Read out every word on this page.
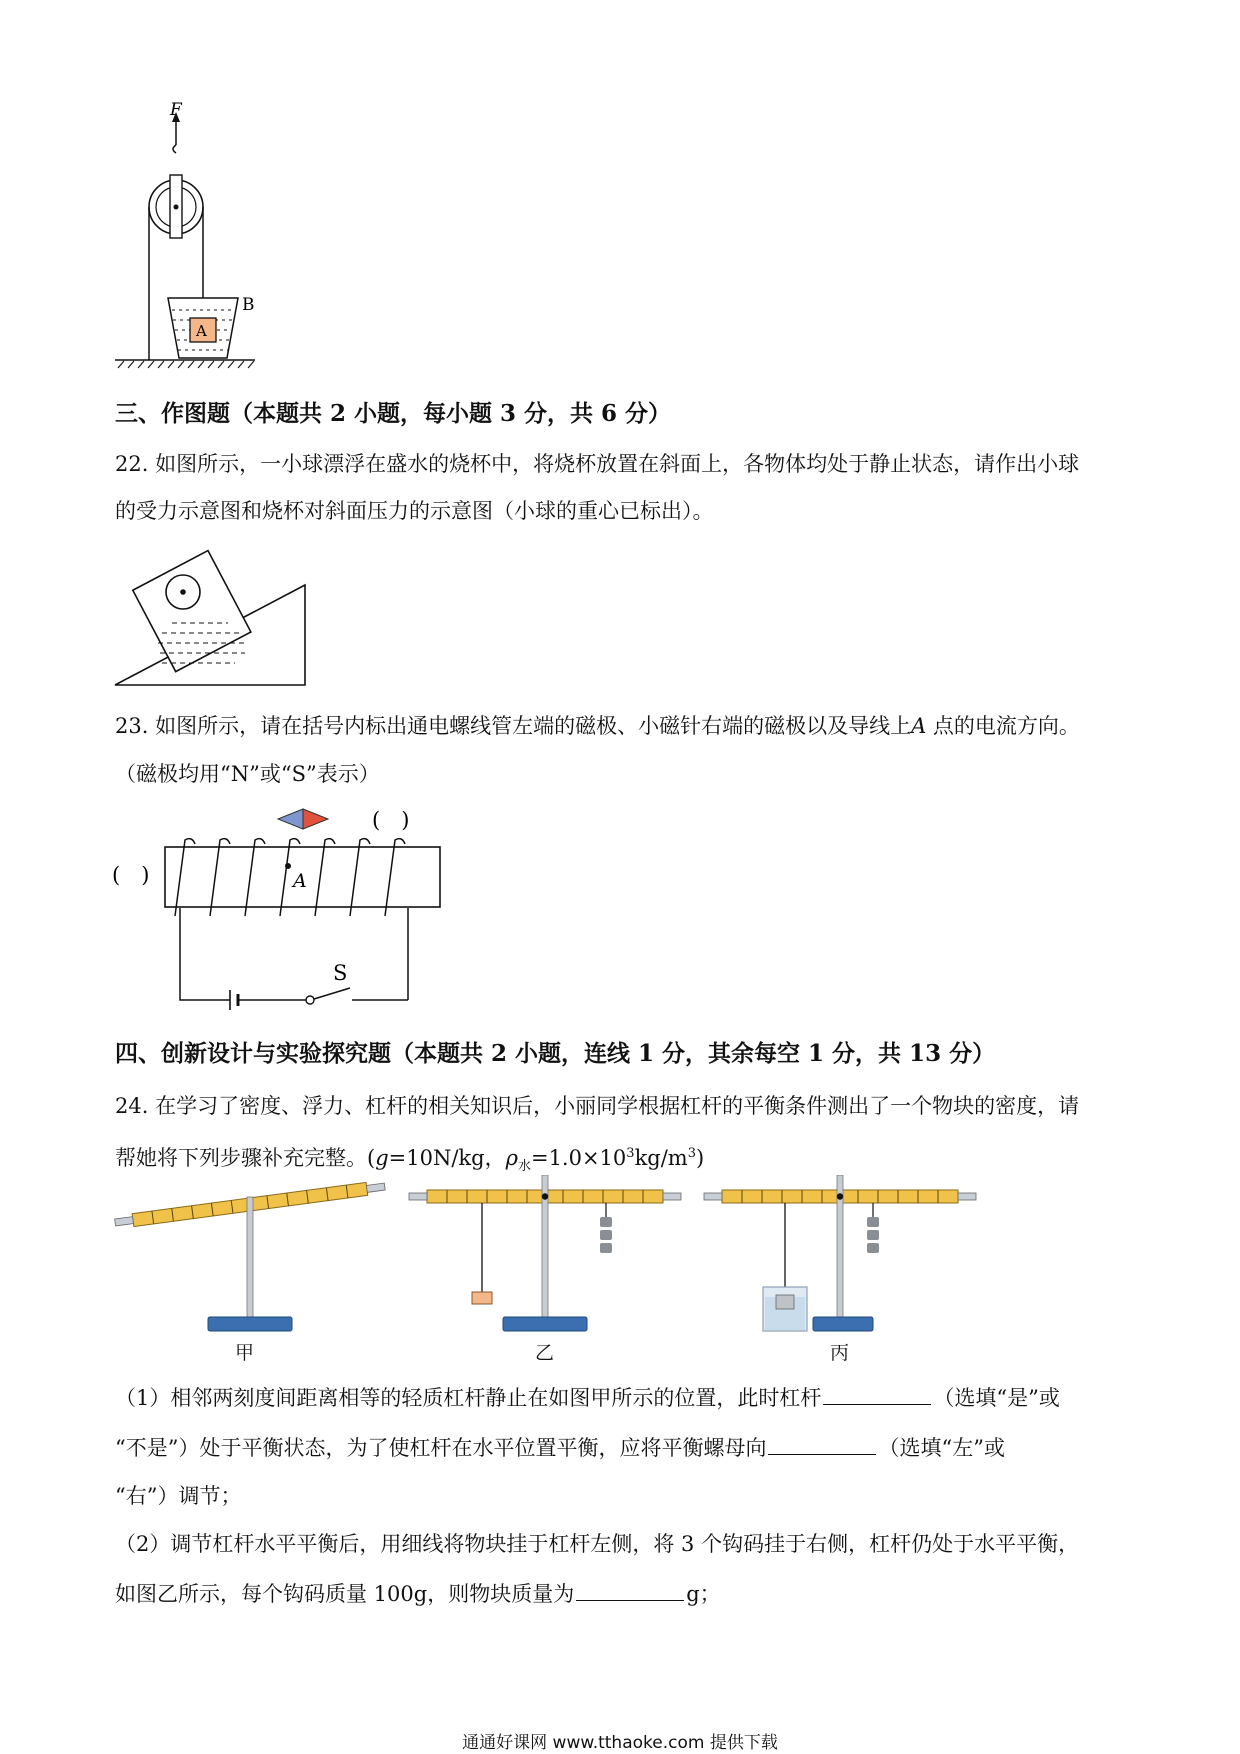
F
A
B
三、作图题（本题共 2 小题，每小题 3 分，共 6 分）
22. 如图所示，一小球漂浮在盛水的烧杯中，将烧杯放置在斜面上，各物体均处于静止状态，请作出小球
的受力示意图和烧杯对斜面压力的示意图（小球的重心已标出）。
23. 如图所示，请在括号内标出通电螺线管左端的磁极、小磁针右端的磁极以及导线上A 点的电流方向。
（磁极均用“N”或“S”表示）
(　)
(　)	A
S
四、创新设计与实验探究题（本题共 2 小题，连线 1 分，其余每空 1 分，共 13 分）
24. 在学习了密度、浮力、杠杆的相关知识后，小丽同学根据杠杆的平衡条件测出了一个物块的密度，请
帮她将下列步骤补充完整。(g=10N/kg，$\rho_水=1.0\times 10^3kg/m^3$)
甲	乙	丙
（1）相邻两刻度间距离相等的轻质杠杆静止在如图甲所示的位置，此时杠杆	（选填“是”或
“不是”）处于平衡状态，为了使杠杆在水平位置平衡，应将平衡螺母向	（选填“左”或
“右”）调节；
（2）调节杠杆水平平衡后，用细线将物块挂于杠杆左侧，将 3 个钩码挂于右侧，杠杆仍处于水平平衡，
如图乙所示，每个钩码质量 100g，则物块质量为	g；
通通好课网 www.tthaoke.com 提供下载
